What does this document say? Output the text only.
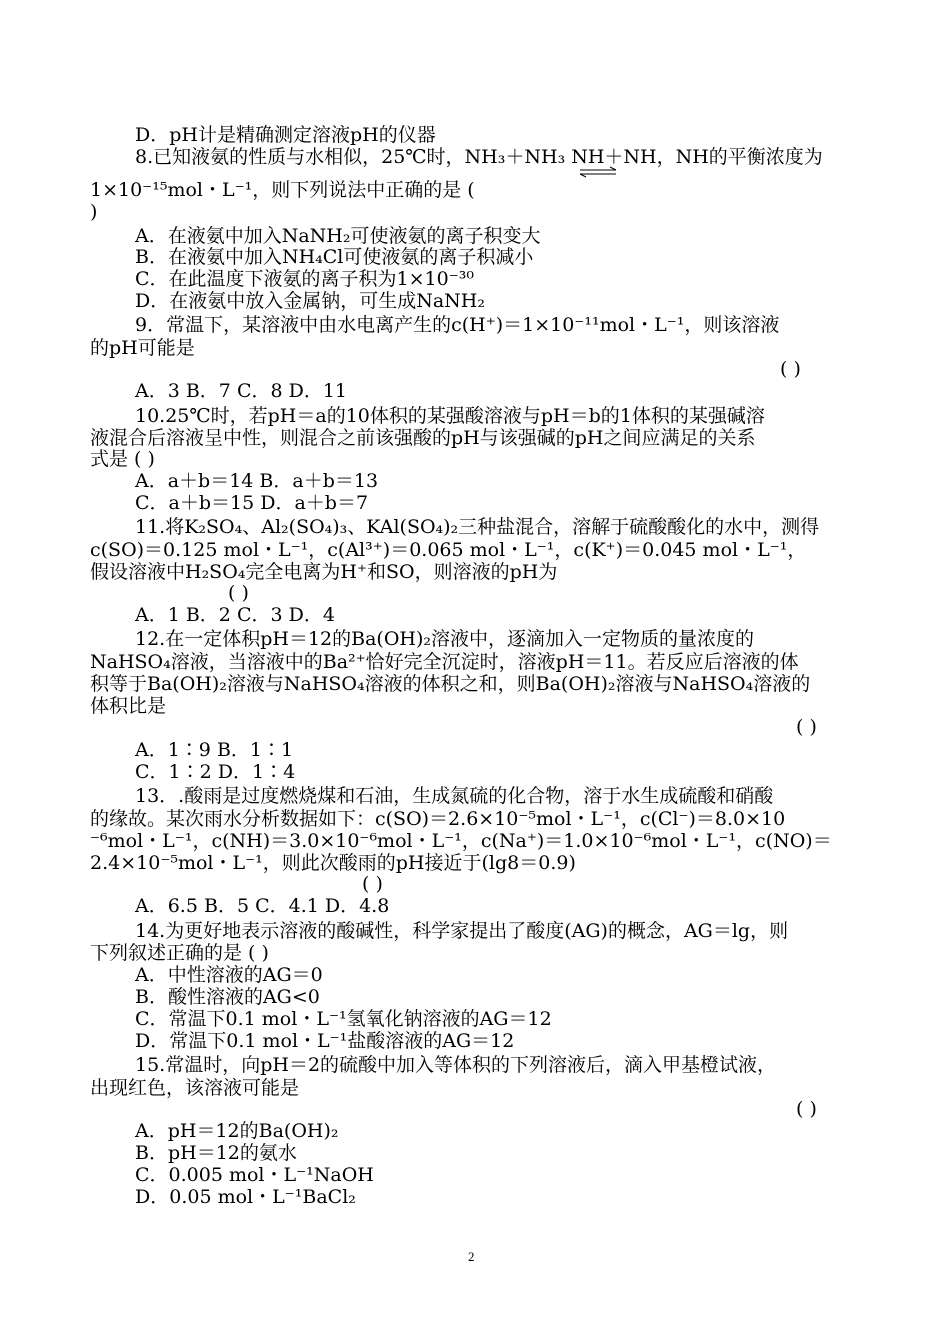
D．pH计是精确测定溶液pH的仪器
8.已知液氨的性质与水相似，25℃时，NH₃＋NH₃ NH＋NH，NH的平衡浓度为
1×10⁻¹⁵mol・L⁻¹，则下列说法中正确的是 (
)
A．在液氨中加入NaNH₂可使液氨的离子积变大
B．在液氨中加入NH₄Cl可使液氨的离子积减小
C．在此温度下液氨的离子积为1×10⁻³⁰
D．在液氨中放入金属钠，可生成NaNH₂
9．常温下，某溶液中由水电离产生的c(H⁺)＝1×10⁻¹¹mol・L⁻¹，则该溶液
的pH可能是
( )
A．3 B．7 C．8 D．11
10.25℃时，若pH＝a的10体积的某强酸溶液与pH＝b的1体积的某强碱溶
液混合后溶液呈中性，则混合之前该强酸的pH与该强碱的pH之间应满足的关系
式是 ( )
A．a＋b＝14 B．a＋b＝13
C．a＋b＝15 D．a＋b＝7
11.将K₂SO₄、Al₂(SO₄)₃、KAl(SO₄)₂三种盐混合，溶解于硫酸酸化的水中，测得
c(SO)＝0.125 mol・L⁻¹，c(Al³⁺)＝0.065 mol・L⁻¹，c(K⁺)＝0.045 mol・L⁻¹，
假设溶液中H₂SO₄完全电离为H⁺和SO，则溶液的pH为
( )
A．1 B．2 C．3 D．4
12.在一定体积pH＝12的Ba(OH)₂溶液中，逐滴加入一定物质的量浓度的
NaHSO₄溶液，当溶液中的Ba²⁺恰好完全沉淀时，溶液pH＝11。若反应后溶液的体
积等于Ba(OH)₂溶液与NaHSO₄溶液的体积之和，则Ba(OH)₂溶液与NaHSO₄溶液的
体积比是
( )
A．1∶9 B．1∶1
C．1∶2 D．1∶4
13．.酸雨是过度燃烧煤和石油，生成氮硫的化合物，溶于水生成硫酸和硝酸
的缘故。某次雨水分析数据如下：c(SO)＝2.6×10⁻⁵mol・L⁻¹，c(Cl⁻)＝8.0×10
⁻⁶mol・L⁻¹，c(NH)＝3.0×10⁻⁶mol・L⁻¹，c(Na⁺)＝1.0×10⁻⁶mol・L⁻¹，c(NO)＝
2.4×10⁻⁵mol・L⁻¹，则此次酸雨的pH接近于(lg8＝0.9)
( )
A．6.5 B．5 C．4.1 D．4.8
14.为更好地表示溶液的酸碱性，科学家提出了酸度(AG)的概念，AG＝lg，则
下列叙述正确的是 ( )
A．中性溶液的AG＝0
B．酸性溶液的AG<0
C．常温下0.1 mol・L⁻¹氢氧化钠溶液的AG＝12
D．常温下0.1 mol・L⁻¹盐酸溶液的AG＝12
15.常温时，向pH＝2的硫酸中加入等体积的下列溶液后，滴入甲基橙试液，
出现红色，该溶液可能是
( )
A．pH＝12的Ba(OH)₂
B．pH＝12的氨水
C．0.005 mol・L⁻¹NaOH
D．0.05 mol・L⁻¹BaCl₂
2
